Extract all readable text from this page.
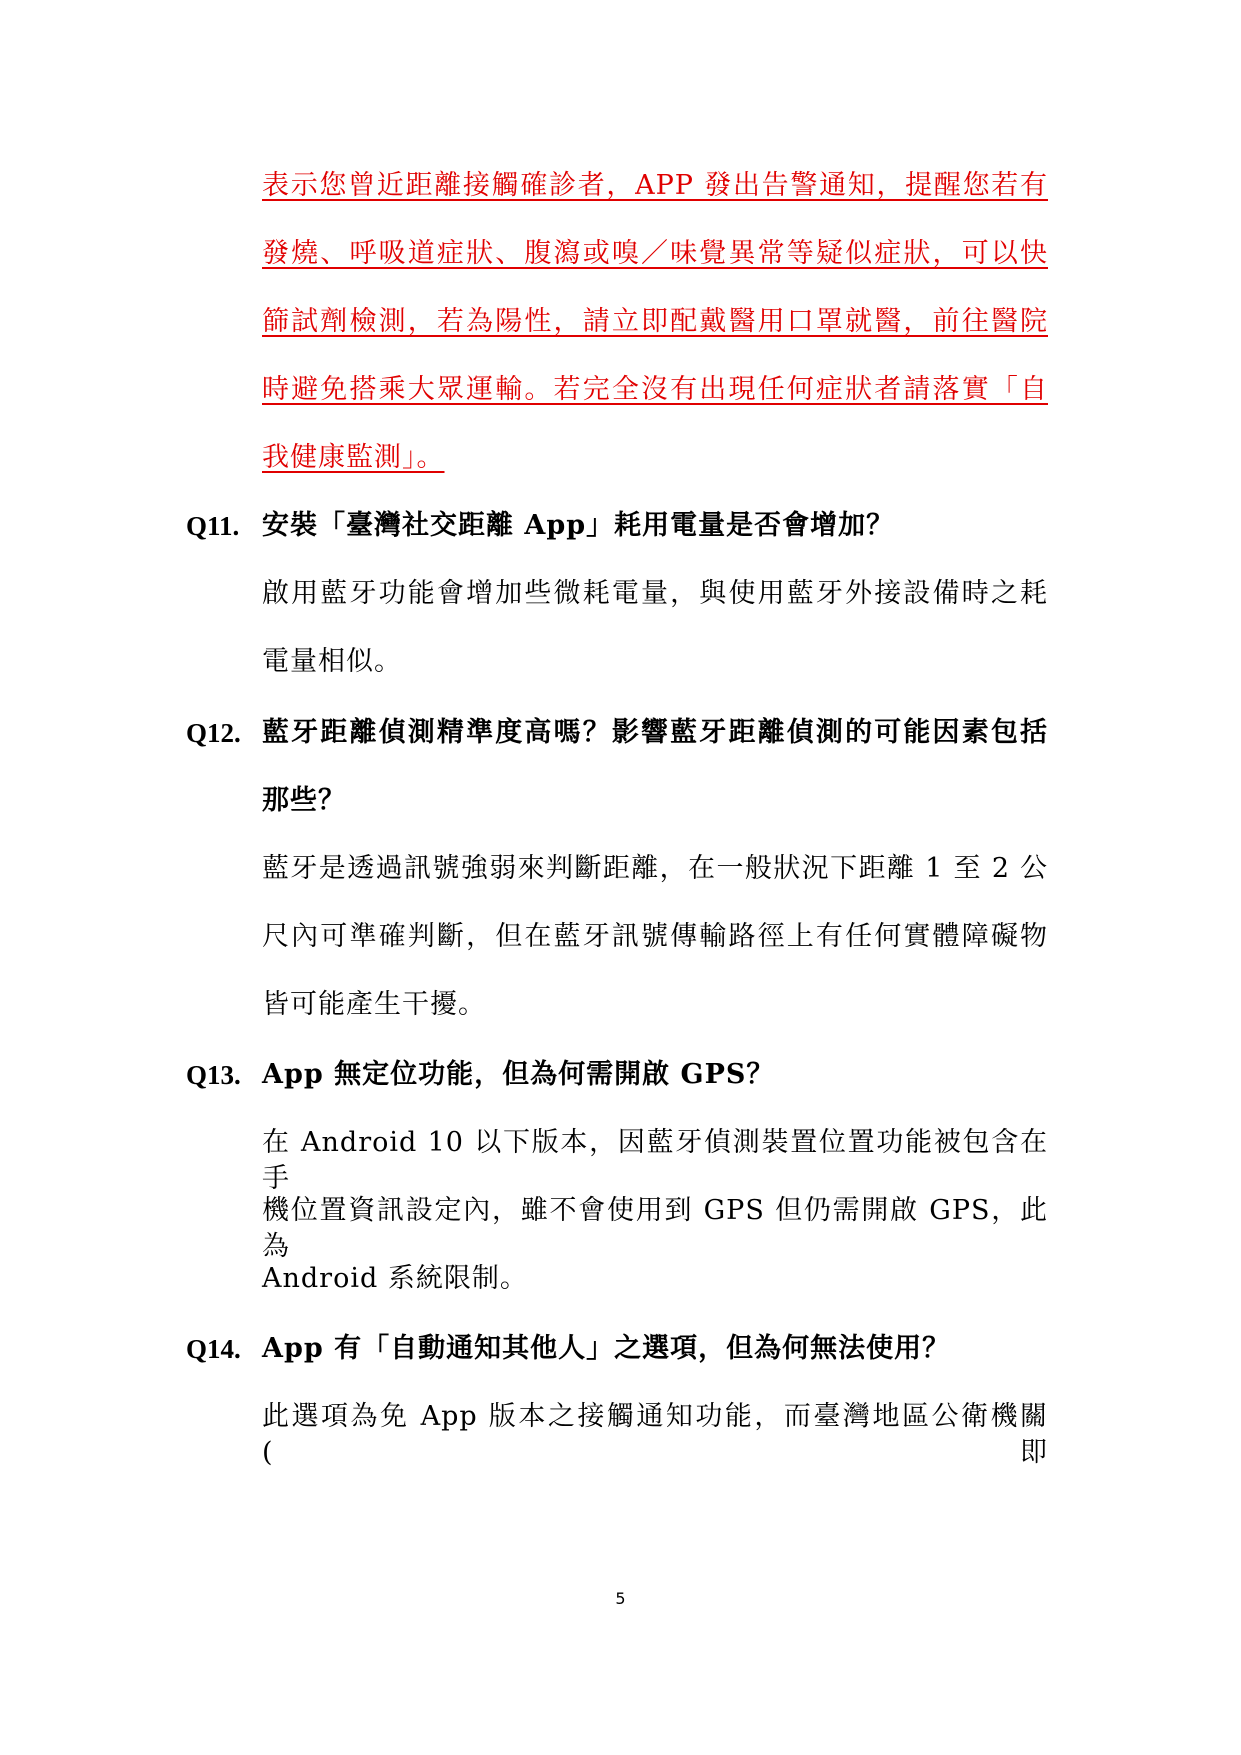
表示您曾近距離接觸確診者，APP 發出告警通知，提醒您若有
發燒、呼吸道症狀、腹瀉或嗅／味覺異常等疑似症狀，可以快
篩試劑檢測，若為陽性，請立即配戴醫用口罩就醫，前往醫院
時避免搭乘大眾運輸。若完全沒有出現任何症狀者請落實「自
我健康監測」。
Q11. 安裝「臺灣社交距離 App」耗用電量是否會增加？
啟用藍牙功能會增加些微耗電量，與使用藍牙外接設備時之耗
電量相似。
Q12. 藍牙距離偵測精準度高嗎？影響藍牙距離偵測的可能因素包括
那些？
藍牙是透過訊號強弱來判斷距離，在一般狀況下距離 1 至 2 公
尺內可準確判斷，但在藍牙訊號傳輸路徑上有任何實體障礙物
皆可能產生干擾。
Q13. App 無定位功能，但為何需開啟 GPS？
在 Android 10 以下版本，因藍牙偵測裝置位置功能被包含在手
機位置資訊設定內，雖不會使用到 GPS 但仍需開啟 GPS，此為
Android 系統限制。
Q14. App 有「自動通知其他人」之選項，但為何無法使用？
此選項為免 App 版本之接觸通知功能，而臺灣地區公衛機關(即
5
